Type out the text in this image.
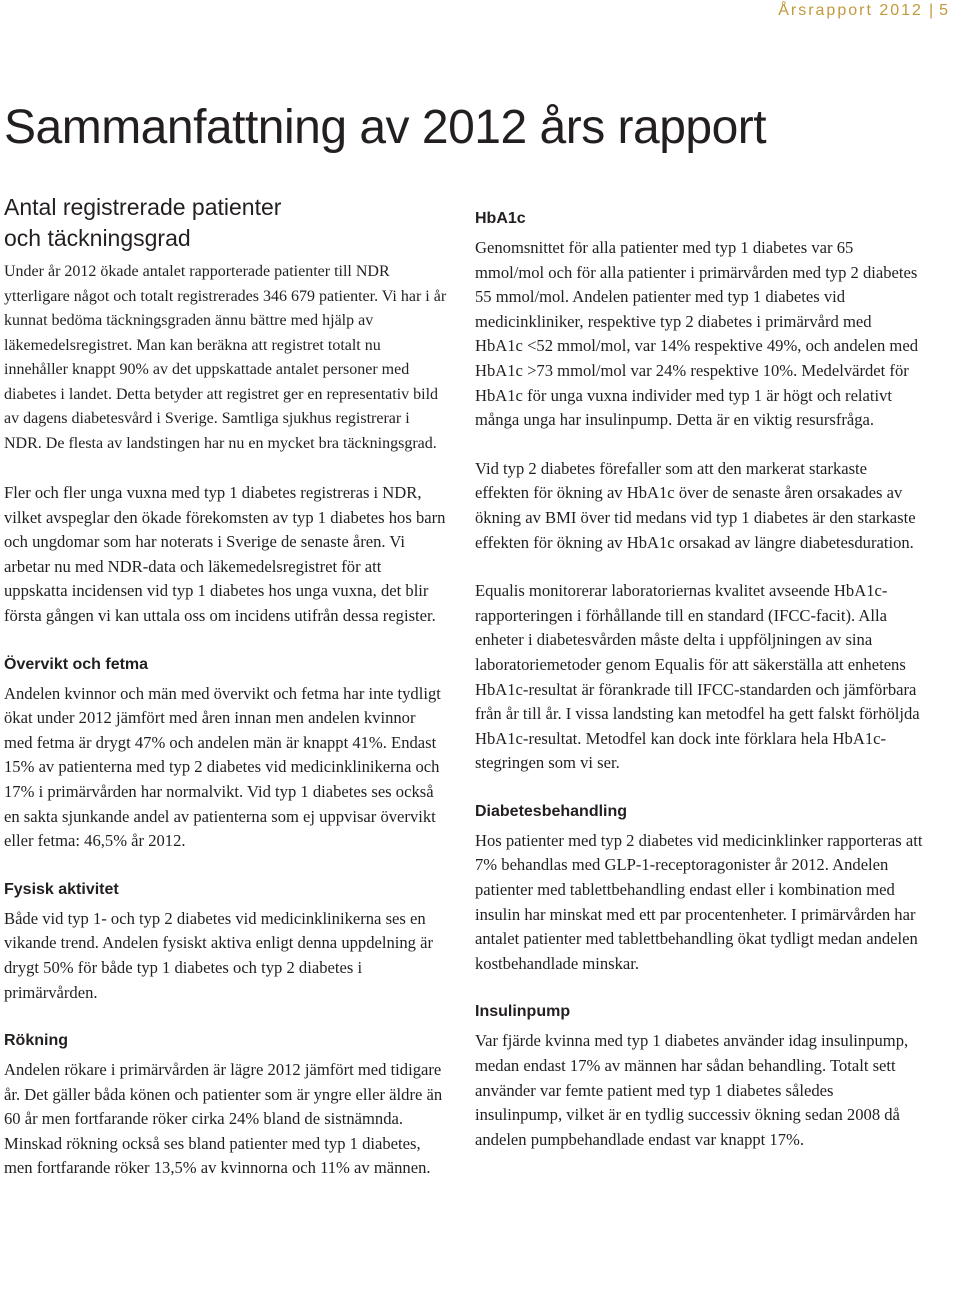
Årsrapport 2012 | 5
Sammanfattning av 2012 års rapport
Antal registrerade patienter
och täckningsgrad

Under år 2012 ökade antalet rapporterade patienter till NDR ytterligare något och totalt registrerades 346 679 patienter. Vi har i år kunnat bedöma täckningsgraden ännu bättre med hjälp av läkemedelsregistret. Man kan beräkna att registret totalt nu innehåller knappt 90% av det uppskattade antalet personer med diabetes i landet. Detta betyder att registret ger en representativ bild av dagens diabetesvård i Sverige. Samtliga sjukhus registrerar i NDR. De flesta av landstingen har nu en mycket bra täckningsgrad.

Fler och fler unga vuxna med typ 1 diabetes registreras i NDR, vilket avspeglar den ökade förekomsten av typ 1 diabetes hos barn och ungdomar som har noterats i Sverige de senaste åren. Vi arbetar nu med NDR-data och läkemedelsregistret för att uppskatta incidensen vid typ 1 diabetes hos unga vuxna, det blir första gången vi kan uttala oss om incidens utifrån dessa register.

Övervikt och fetma

Andelen kvinnor och män med övervikt och fetma har inte tydligt ökat under 2012 jämfört med åren innan men andelen kvinnor med fetma är drygt 47% och andelen män är knappt 41%. Endast 15% av patienterna med typ 2 diabetes vid medicinklinikerna och 17% i primärvården har normalvikt. Vid typ 1 diabetes ses också en sakta sjunkande andel av patienterna som ej uppvisar övervikt eller fetma: 46,5% år 2012.

Fysisk aktivitet

Både vid typ 1- och typ 2 diabetes vid medicinklinikerna ses en vikande trend. Andelen fysiskt aktiva enligt denna uppdelning är drygt 50% för både typ 1 diabetes och typ 2 diabetes i primärvården.

Rökning

Andelen rökare i primärvården är lägre 2012 jämfört med tidigare år. Det gäller båda könen och patienter som är yngre eller äldre än 60 år men fortfarande röker cirka 24% bland de sistnämnda. Minskad rökning också ses bland patienter med typ 1 diabetes, men fortfarande röker 13,5% av kvinnorna och 11% av männen.

HbA1c

Genomsnittet för alla patienter med typ 1 diabetes var 65 mmol/mol och för alla patienter i primärvården med typ 2 diabetes 55 mmol/mol. Andelen patienter med typ 1 diabetes vid medicinkliniker, respektive typ 2 diabetes i primärvård med HbA1c <52 mmol/mol, var 14% respektive 49%, och andelen med HbA1c >73 mmol/mol var 24% respektive 10%. Medelvärdet för HbA1c för unga vuxna individer med typ 1 är högt och relativt många unga har insulinpump. Detta är en viktig resursfråga.

Vid typ 2 diabetes förefaller som att den markerat starkaste effekten för ökning av HbA1c över de senaste åren orsakades av ökning av BMI över tid medans vid typ 1 diabetes är den starkaste effekten för ökning av HbA1c orsakad av längre diabetesduration.

Equalis monitorerar laboratoriernas kvalitet avseende HbA1c-rapporteringen i förhållande till en standard (IFCC-facit). Alla enheter i diabetesvården måste delta i uppföljningen av sina laboratoriemetoder genom Equalis för att säkerställa att enhetens HbA1c-resultat är förankrade till IFCC-standarden och jämförbara från år till år. I vissa landsting kan metodfel ha gett falskt förhöljda HbA1c-resultat. Metodfel kan dock inte förklara hela HbA1c-stegringen som vi ser.

Diabetesbehandling

Hos patienter med typ 2 diabetes vid medicinklinker rapporteras att 7% behandlas med GLP-1-receptoragonister år 2012. Andelen patienter med tablettbehandling endast eller i kombination med insulin har minskat med ett par procentenheter. I primärvården har antalet patienter med tablettbehandling ökat tydligt medan andelen kostbehandlade minskar.

Insulinpump

Var fjärde kvinna med typ 1 diabetes använder idag insulinpump, medan endast 17% av männen har sådan behandling. Totalt sett använder var femte patient med typ 1 diabetes således insulinpump, vilket är en tydlig successiv ökning sedan 2008 då andelen pumpbehandlade endast var knappt 17%.
